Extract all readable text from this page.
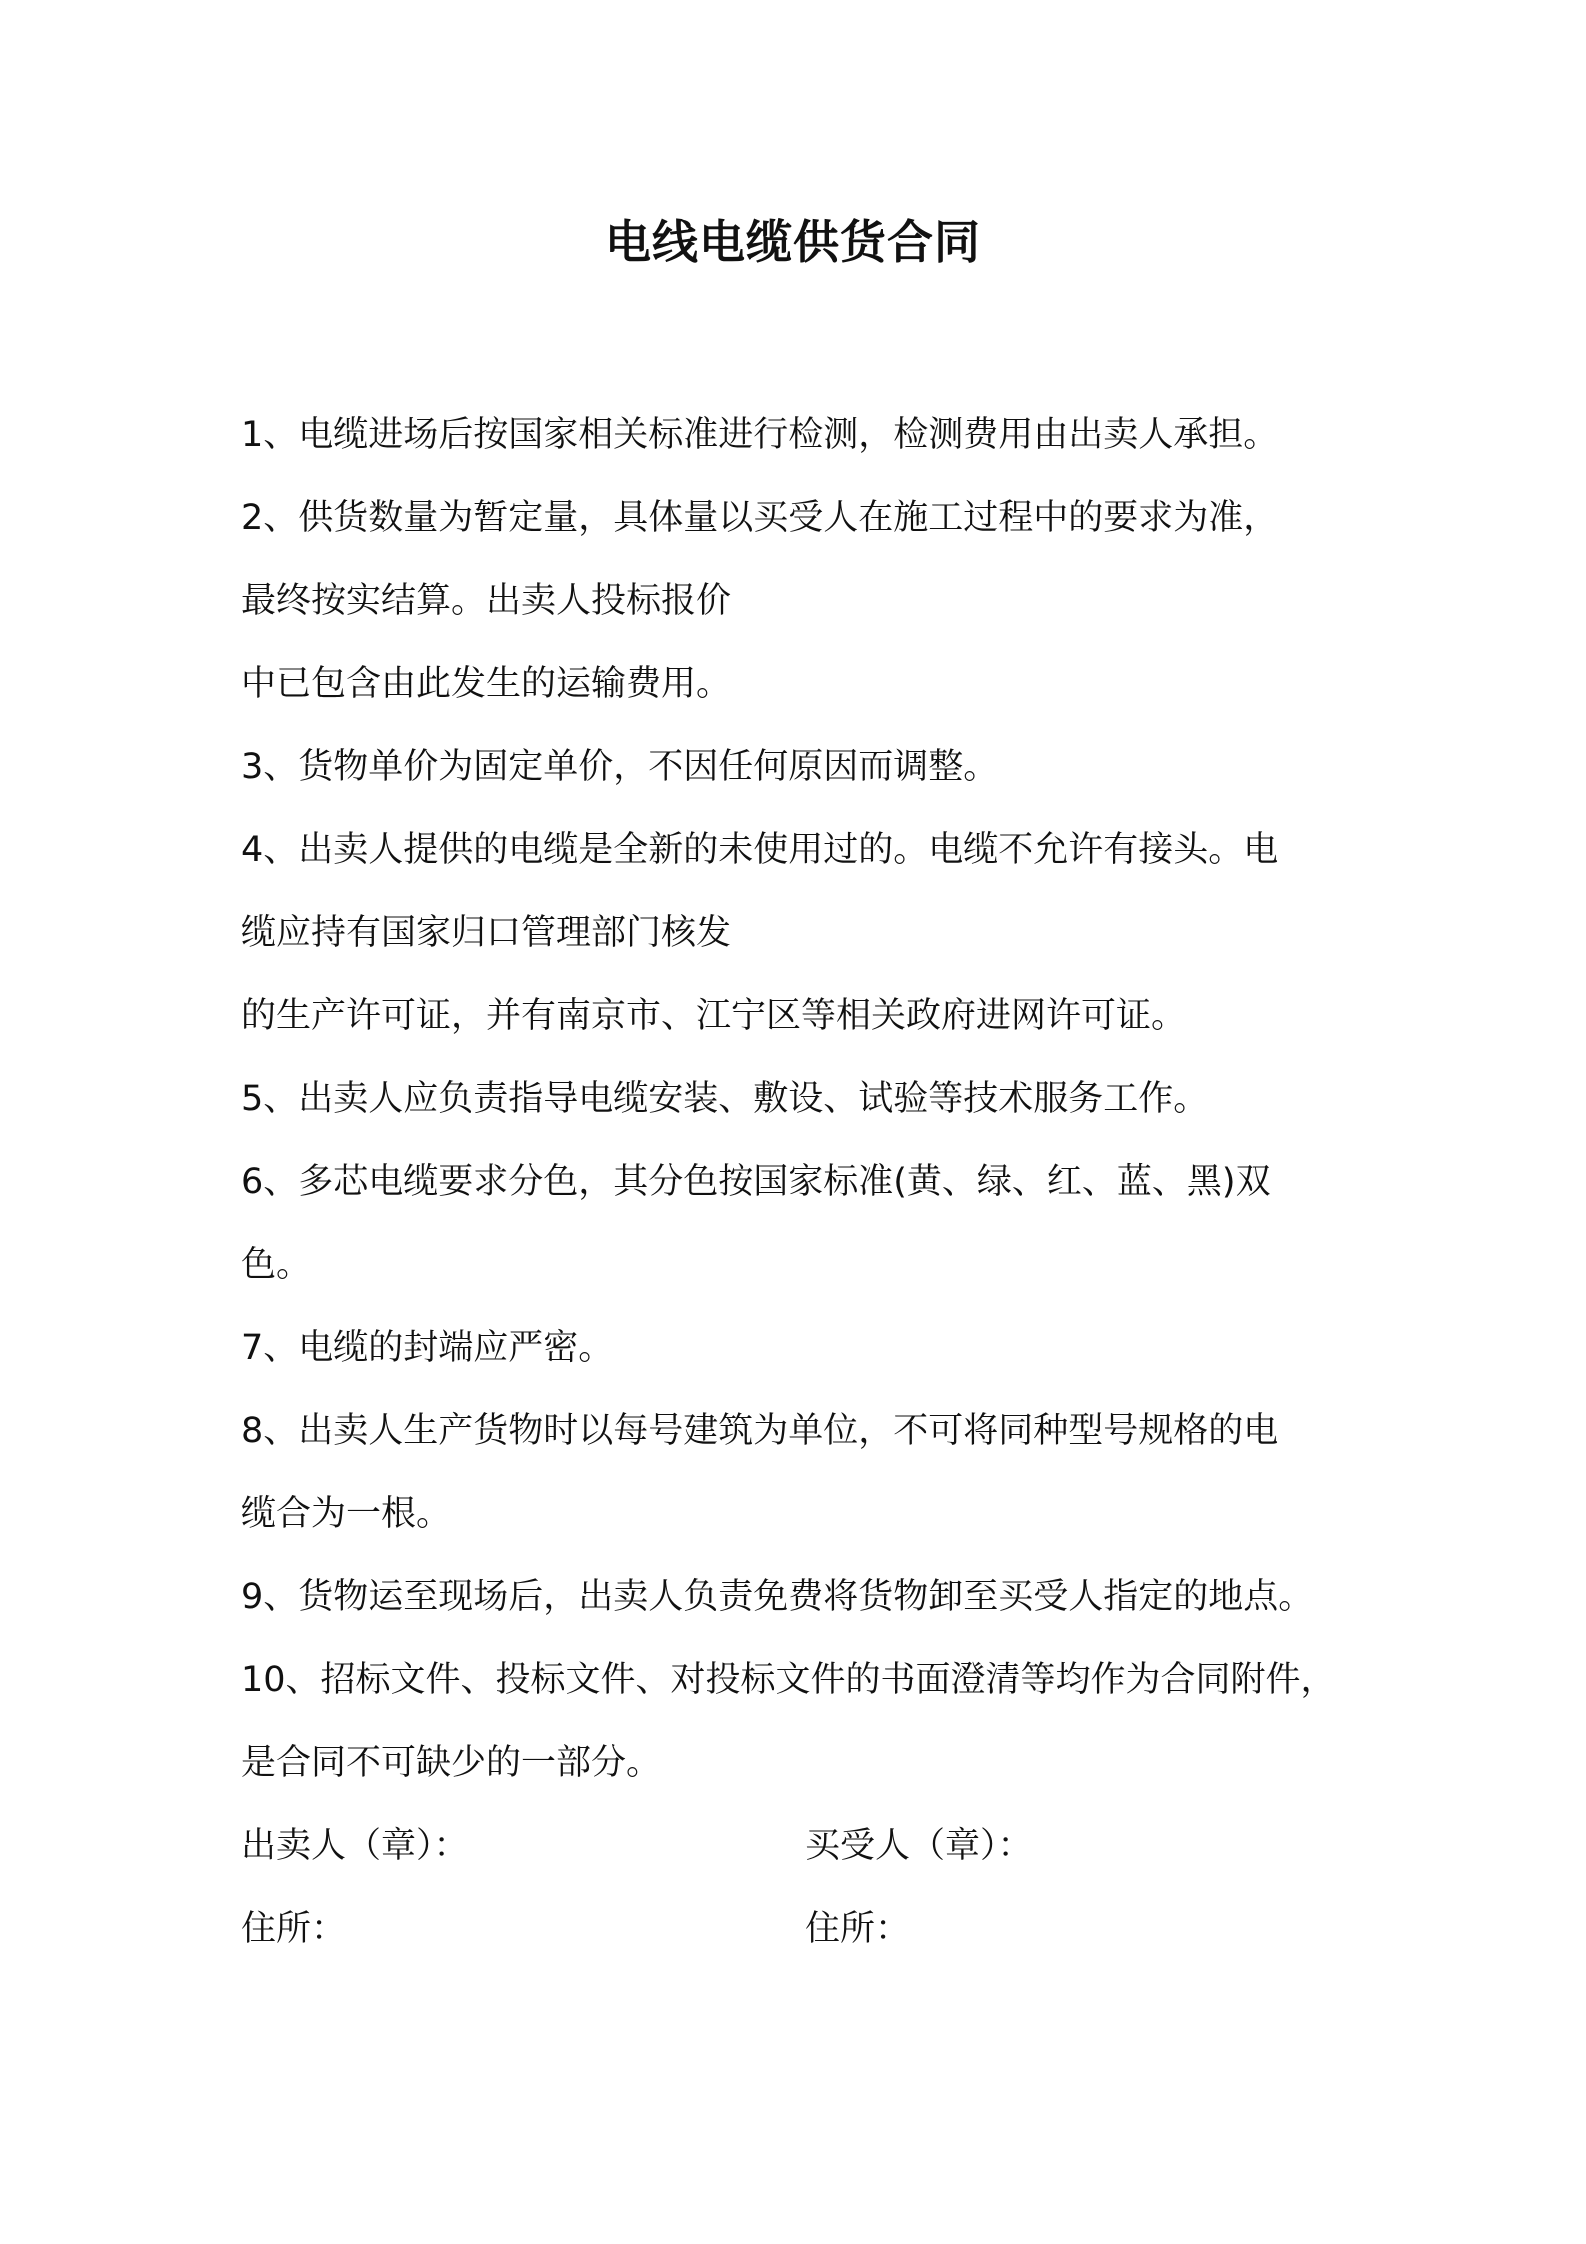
电线电缆供货合同

1、电缆进场后按国家相关标准进行检测，检测费用由出卖人承担。

2、供货数量为暂定量，具体量以买受人在施工过程中的要求为准，

最终按实结算。出卖人投标报价

中已包含由此发生的运输费用。

3、货物单价为固定单价，不因任何原因而调整。

4、出卖人提供的电缆是全新的未使用过的。电缆不允许有接头。电

缆应持有国家归口管理部门核发

的生产许可证，并有南京市、江宁区等相关政府进网许可证。

5、出卖人应负责指导电缆安装、敷设、试验等技术服务工作。

6、多芯电缆要求分色，其分色按国家标准(黄、绿、红、蓝、黑)双

色。

7、电缆的封端应严密。

8、出卖人生产货物时以每号建筑为单位，不可将同种型号规格的电

缆合为一根。

9、货物运至现场后，出卖人负责免费将货物卸至买受人指定的地点。

10、招标文件、投标文件、对投标文件的书面澄清等均作为合同附件，

是合同不可缺少的一部分。

出卖人（章）：	买受人（章）：

住所：	住所：
